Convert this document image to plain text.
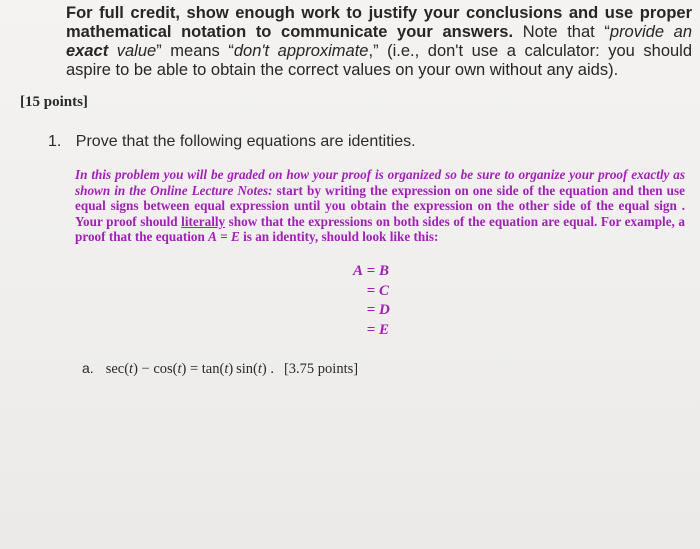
For full credit, show enough work to justify your conclusions and use proper mathematical notation to communicate your answers. Note that “provide an exact value” means “don't approximate,” (i.e., don't use a calculator: you should aspire to be able to obtain the correct values on your own without any aids).
[15 points]
1. Prove that the following equations are identities.
In this problem you will be graded on how your proof is organized so be sure to organize your proof exactly as shown in the Online Lecture Notes: start by writing the expression on one side of the equation and then use equal signs between equal expression until you obtain the expression on the other side of the equal sign . Your proof should literally show that the expressions on both sides of the equation are equal. For example, a proof that the equation A = E is an identity, should look like this:
A = B
= C
= D
= E
a. sec(t) − cos(t) = tan(t) sin(t) . [3.75 points]
